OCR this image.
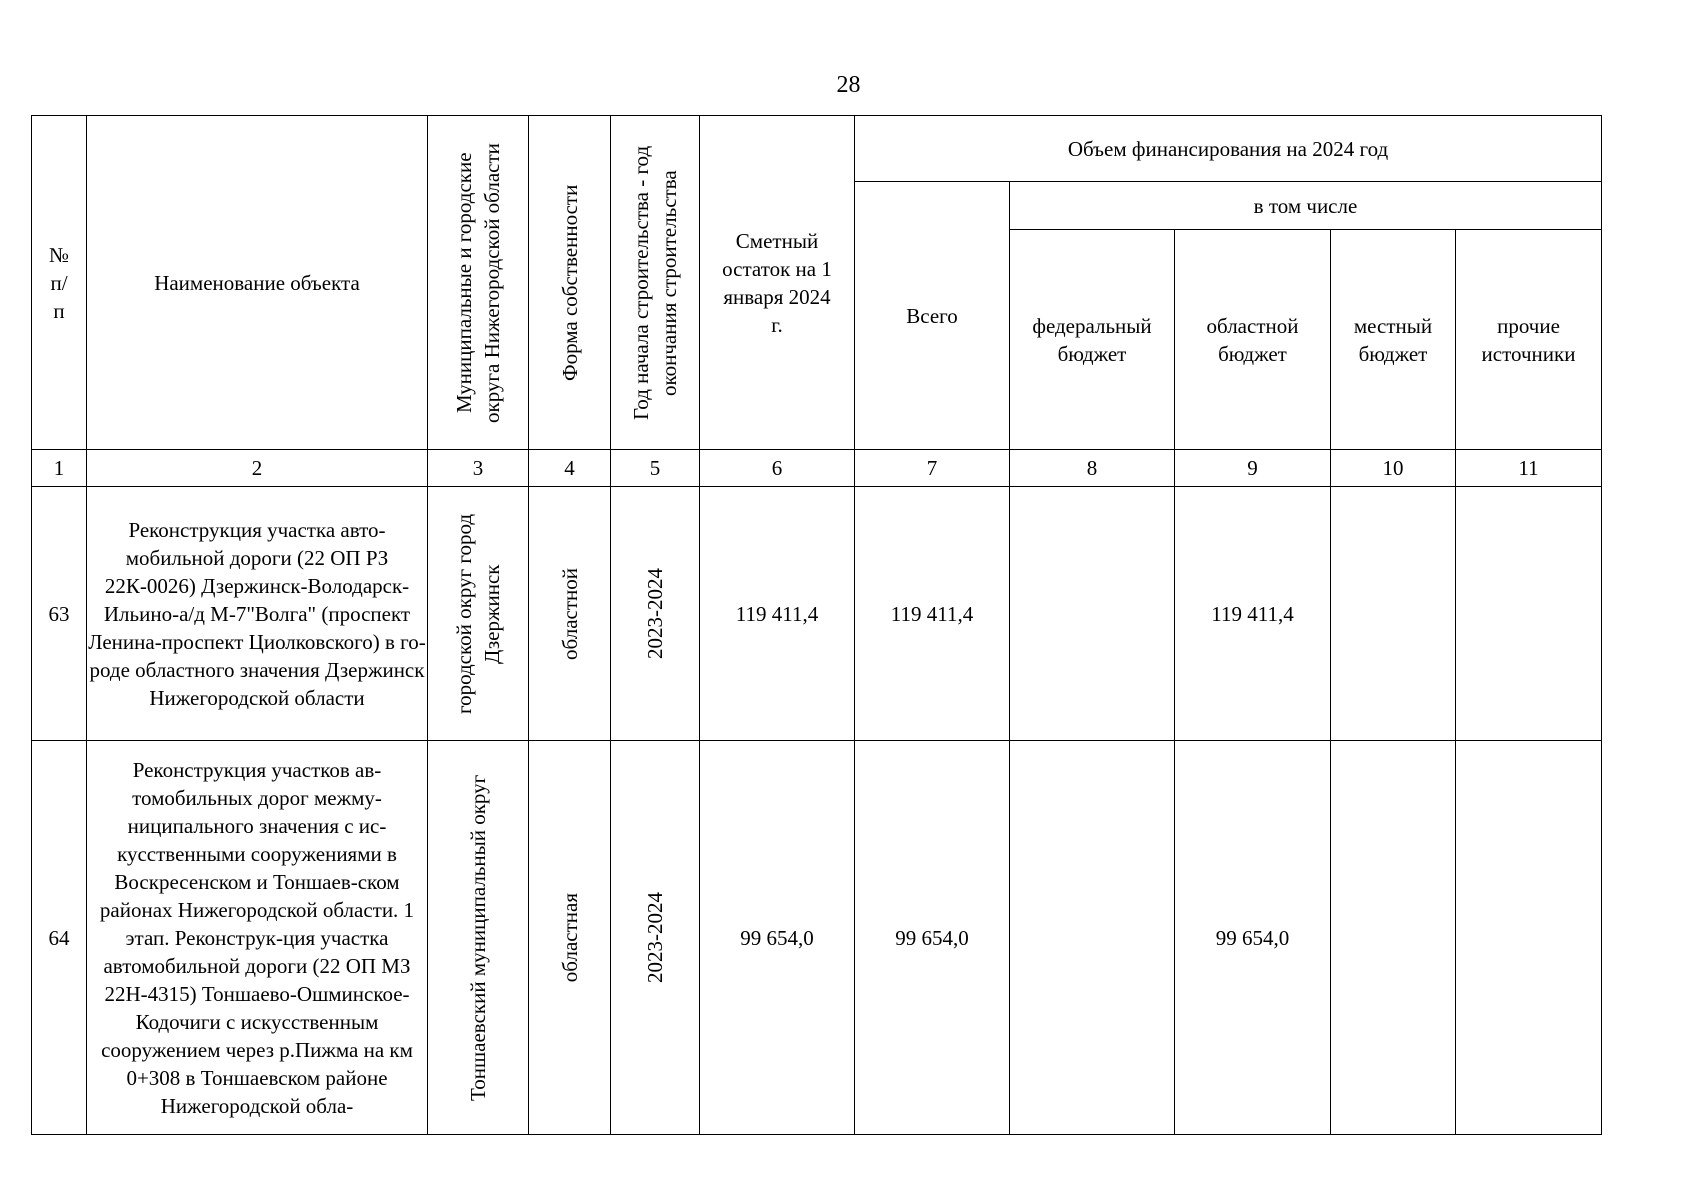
28
№
п/
п	Наименование объекта	Муниципальные и городские округа Нижегородской области	Форма собственности	Год начала строительства - год окончания строительства	Сметный остаток на 1 января 2024 г.	Объем финансирования на 2024 год				
						Всего	в том числе			

							федеральный бюджет	областной бюджет	местный бюджет	прочие источники

1	2	3	4	5	6	7	8	9	10	11
63	Реконструкция участка авто-мобильной дороги (22 ОП РЗ 22К-0026) Дзержинск-Володарск-Ильино-а/д М-7"Волга" (проспект Ленина-проспект Циолковского) в го-роде областного значения Дзержинск Нижегородской области	городской округ город Дзержинск	областной	2023-2024	119 411,4	119 411,4		119 411,4		
64	Реконструкция участков ав-томобильных дорог межму-ниципального значения с ис-кусственными сооружениями в Воскресенском и Тоншаев-ском районах Нижегородской области. 1 этап. Реконструк-ция участка автомобильной дороги (22 ОП МЗ 22Н-4315) Тоншаево-Ошминское-Кодочиги с искусственным сооружением через р.Пижма на км 0+308 в Тоншаевском районе Нижегородской обла-	Тоншаевский муниципальный округ	областная	2023-2024	99 654,0	99 654,0		99 654,0		
